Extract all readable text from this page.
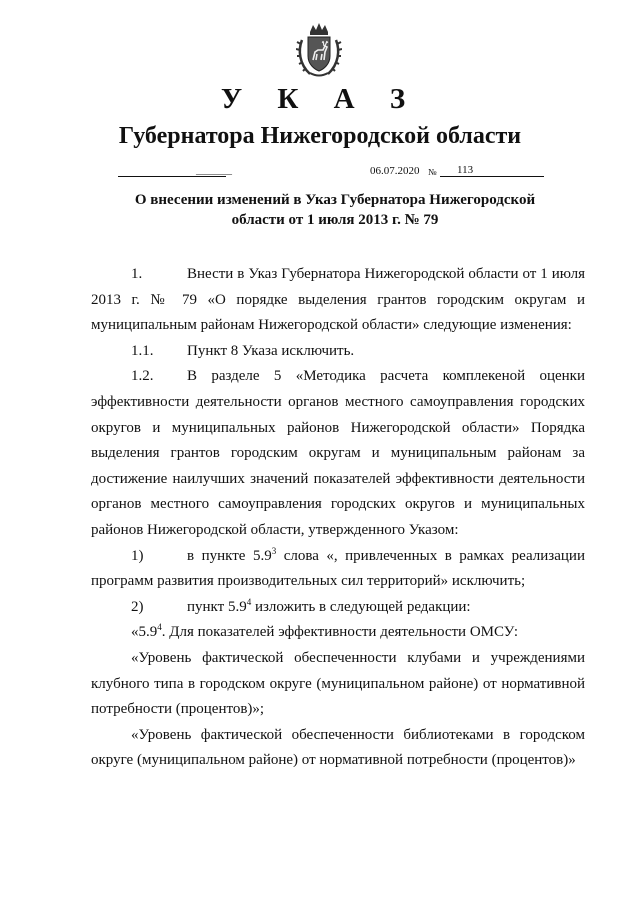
У К А З
Губернатора Нижегородской области
________	06.07.2020 № 113
О внесении изменений в Указ Губернатора Нижегородской
области от 1 июля 2013 г. № 79

1.	Внести в Указ Губернатора Нижегородской области от 1 июля 2013 г. № 79 «О порядке выделения грантов городским округам и муниципальным районам Нижегородской области» следующие изменения:

1.1. Пункт 8 Указа исключить.

1.2. В разделе 5 «Методика расчета комплекеной оценки эффективности деятельности органов местного самоуправления городских округов и муниципальных районов Нижегородской области» Порядка выделения грантов городским округам и муниципальным районам за достижение наилучших значений показателей эффективности деятельности органов местного самоуправления городских округов и муниципальных районов Нижегородской области, утвержденного Указом:

1)	в пункте $5.9^3$ слова «, привлеченных в рамках реализации программ развития производительных сил территорий» исключить;

2)	пункт $5.9^4$ изложить в следующей редакции:

«$5.9^4$. Для показателей эффективности деятельности ОМСУ:

«Уровень фактической обеспеченности клубами и учреждениями клубного типа в городском округе (муниципальном районе) от нормативной потребности (процентов)»;

«Уровень фактической обеспеченности библиотеками в городском округе (муниципальном районе) от нормативной потребности (процентов)»
